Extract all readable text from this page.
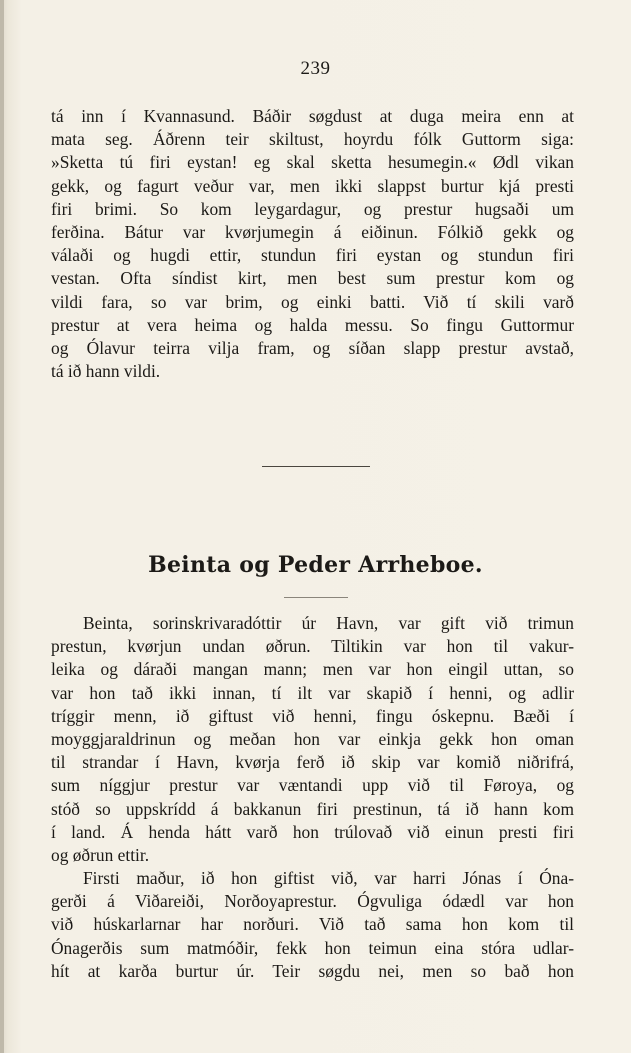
239
tá inn í Kvannasund. Báðir søgdust at duga meira enn at
mata seg. Áðrenn teir skiltust, hoyrdu fólk Guttorm siga:
»Sketta tú firi eystan! eg skal sketta hesumegin.« Ødl vikan
gekk, og fagurt veður var, men ikki slappst burtur kjá presti
firi brimi. So kom leygardagur, og prestur hugsaði um
ferðina. Bátur var kvørjumegin á eiðinun. Fólkið gekk og
válaði og hugdi ettir, stundun firi eystan og stundun firi
vestan. Ofta síndist kirt, men best sum prestur kom og
vildi fara, so var brim, og einki batti. Við tí skili varð
prestur at vera heima og halda messu. So fingu Guttormur
og Ólavur teirra vilja fram, og síðan slapp prestur avstað,
tá ið hann vildi.
Beinta og Peder Arrheboe.
Beinta, sorinskrivaradóttir úr Havn, var gift við trimun
prestun, kvørjun undan øðrun. Tiltikin var hon til vakur-
leika og dáraði mangan mann; men var hon eingil uttan, so
var hon tað ikki innan, tí ilt var skapið í henni, og adlir
tríggir menn, ið giftust við henni, fingu óskepnu. Bæði í
moyggjaraldrinun og meðan hon var einkja gekk hon oman
til strandar í Havn, kvørja ferð ið skip var komið niðrifrá,
sum níggjur prestur var væntandi upp við til Føroya, og
stóð so uppskrídd á bakkanun firi prestinun, tá ið hann kom
í land. Á henda hátt varð hon trúlovað við einun presti firi
og øðrun ettir.
Firsti maður, ið hon giftist við, var harri Jónas í Óna-
gerði á Viðareiði, Norðoyaprestur. Ógvuliga ódædl var hon
við húskarlarnar har norðuri. Við tað sama hon kom til
Ónagerðis sum matmóðir, fekk hon teimun eina stóra udlar-
hít at karða burtur úr. Teir søgdu nei, men so bað hon
